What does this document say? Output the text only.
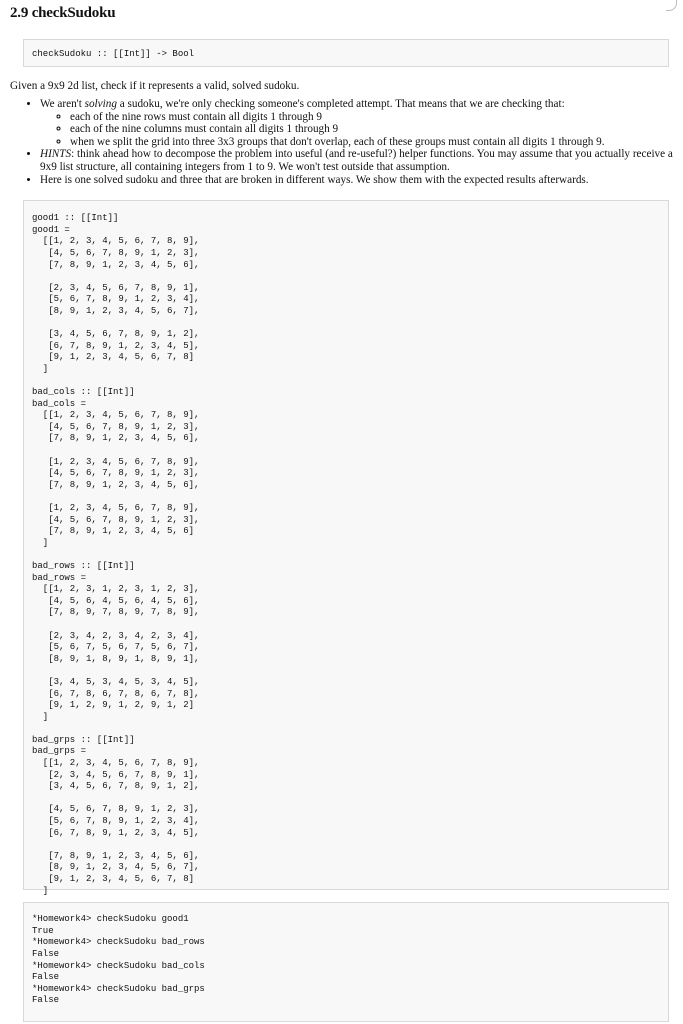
2.9 checkSudoku
checkSudoku :: [[Int]] -> Bool

Given a 9x9 2d list, check if it represents a valid, solved sudoku.

• We aren't solving a sudoku, we're only checking someone's completed attempt. That means that we are checking that:
◦ each of the nine rows must contain all digits 1 through 9
◦ each of the nine columns must contain all digits 1 through 9
◦ when we split the grid into three 3x3 groups that don't overlap, each of these groups must contain all digits 1 through 9.
• HINTS: think ahead how to decompose the problem into useful (and re-useful?) helper functions. You may assume that you actually receive a 9x9 list structure, all containing integers from 1 to 9. We won't test outside that assumption.
• Here is one solved sudoku and three that are broken in different ways. We show them with the expected results afterwards.
good1 :: [[Int]]
good1 =
[[1, 2, 3, 4, 5, 6, 7, 8, 9],
[4, 5, 6, 7, 8, 9, 1, 2, 3],
[7, 8, 9, 1, 2, 3, 4, 5, 6],

[2, 3, 4, 5, 6, 7, 8, 9, 1],
[5, 6, 7, 8, 9, 1, 2, 3, 4],
[8, 9, 1, 2, 3, 4, 5, 6, 7],

[3, 4, 5, 6, 7, 8, 9, 1, 2],
[6, 7, 8, 9, 1, 2, 3, 4, 5],
[9, 1, 2, 3, 4, 5, 6, 7, 8]
]

bad_cols :: [[Int]]
bad_cols =
[[1, 2, 3, 4, 5, 6, 7, 8, 9],
[4, 5, 6, 7, 8, 9, 1, 2, 3],
[7, 8, 9, 1, 2, 3, 4, 5, 6],

[1, 2, 3, 4, 5, 6, 7, 8, 9],
[4, 5, 6, 7, 8, 9, 1, 2, 3],
[7, 8, 9, 1, 2, 3, 4, 5, 6],

[1, 2, 3, 4, 5, 6, 7, 8, 9],
[4, 5, 6, 7, 8, 9, 1, 2, 3],
[7, 8, 9, 1, 2, 3, 4, 5, 6]
]

bad_rows :: [[Int]]
bad_rows =
[[1, 2, 3, 1, 2, 3, 1, 2, 3],
[4, 5, 6, 4, 5, 6, 4, 5, 6],
[7, 8, 9, 7, 8, 9, 7, 8, 9],

[2, 3, 4, 2, 3, 4, 2, 3, 4],
[5, 6, 7, 5, 6, 7, 5, 6, 7],
[8, 9, 1, 8, 9, 1, 8, 9, 1],

[3, 4, 5, 3, 4, 5, 3, 4, 5],
[6, 7, 8, 6, 7, 8, 6, 7, 8],
[9, 1, 2, 9, 1, 2, 9, 1, 2]
]

bad_grps :: [[Int]]
bad_grps =
[[1, 2, 3, 4, 5, 6, 7, 8, 9],
[2, 3, 4, 5, 6, 7, 8, 9, 1],
[3, 4, 5, 6, 7, 8, 9, 1, 2],

[4, 5, 6, 7, 8, 9, 1, 2, 3],
[5, 6, 7, 8, 9, 1, 2, 3, 4],
[6, 7, 8, 9, 1, 2, 3, 4, 5],

[7, 8, 9, 1, 2, 3, 4, 5, 6],
[8, 9, 1, 2, 3, 4, 5, 6, 7],
[9, 1, 2, 3, 4, 5, 6, 7, 8]
]
*Homework4> checkSudoku good1
True
*Homework4> checkSudoku bad_rows
False
*Homework4> checkSudoku bad_cols
False
*Homework4> checkSudoku bad_grps
False
